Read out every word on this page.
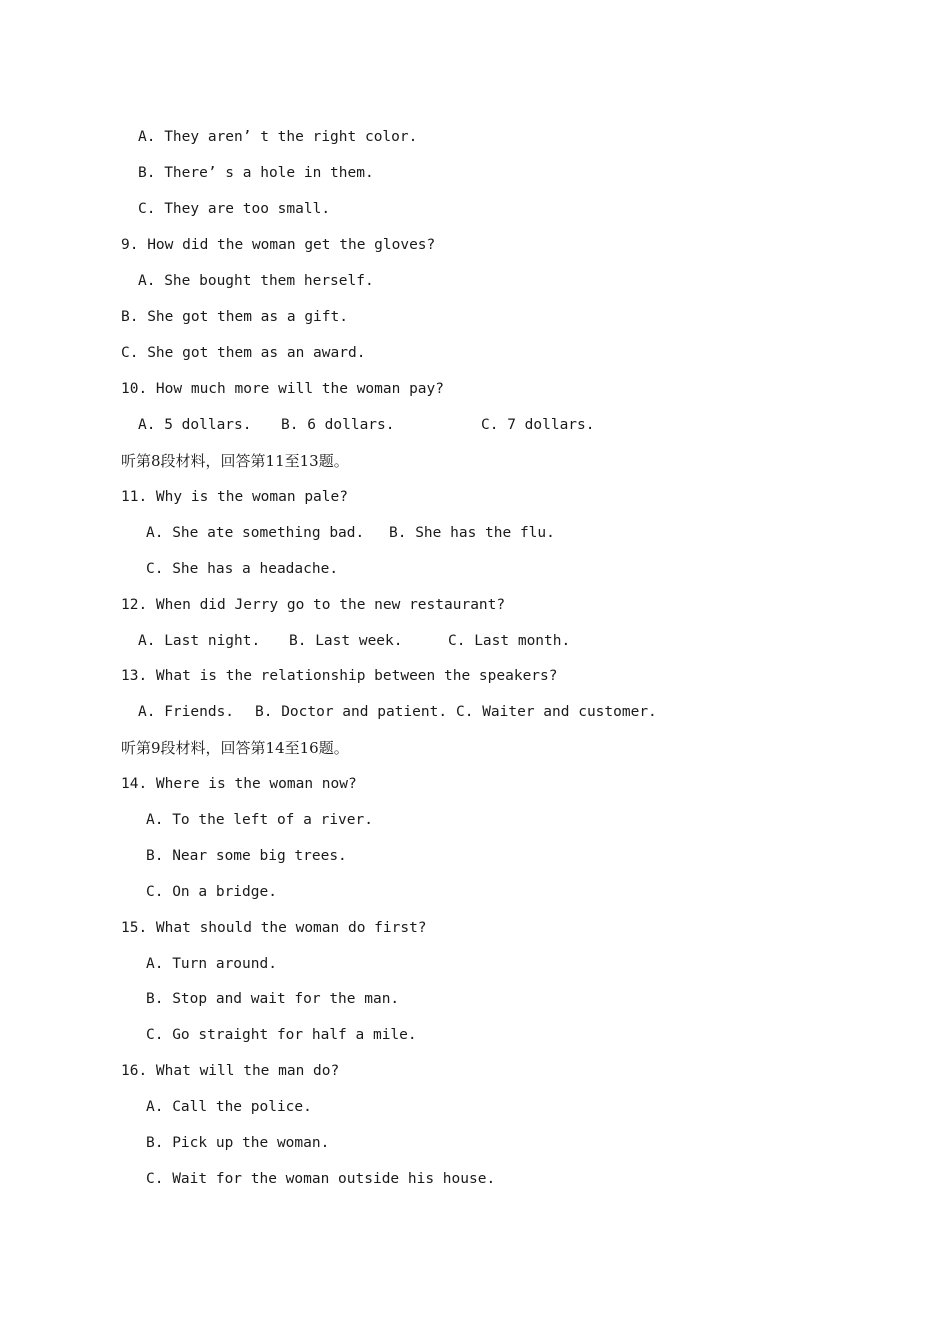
A. They aren’ t the right color.
B. There’ s a hole in them.
C. They are too small.
9. How did the woman get the gloves?
A. She bought them herself.
B. She got them as a gift.
C. She got them as an award.
10. How much more will the woman pay?
A. 5 dollars. B. 6 dollars.	C. 7 dollars.
听第8段材料，回答第11至13题。
11. Why is the woman pale?
A. She ate something bad. B. She has the flu.
C. She has a headache.
12. When did Jerry go to the new restaurant?
A. Last night. B. Last week.	C. Last month.
13. What is the relationship between the speakers?
A. Friends. B. Doctor and patient. C. Waiter and customer.
听第9段材料，回答第14至16题。
14. Where is the woman now?
A. To the left of a river.
B. Near some big trees.
C. On a bridge.
15. What should the woman do first?
A. Turn around.
B. Stop and wait for the man.
C. Go straight for half a mile.
16. What will the man do?
A. Call the police.
B. Pick up the woman.
C. Wait for the woman outside his house.
